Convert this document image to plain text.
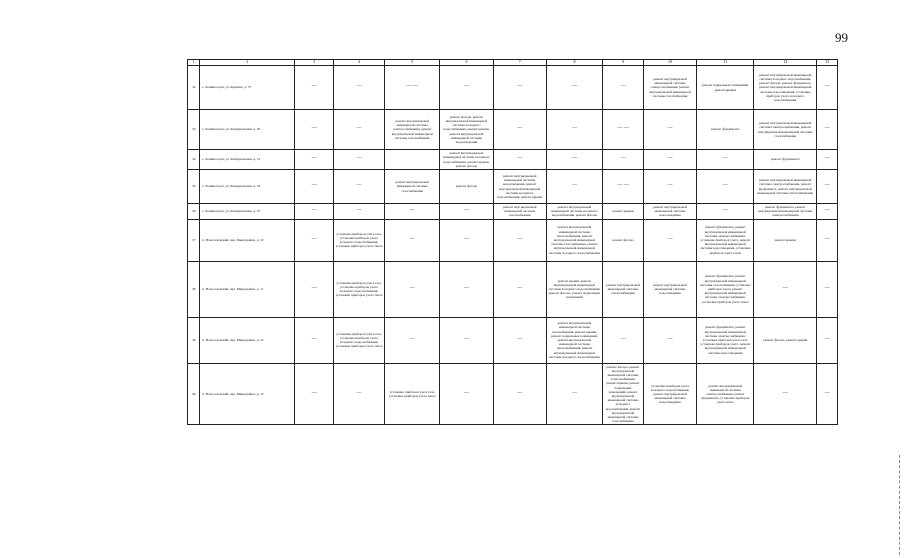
99
1	2	3	4	5	6	7	8	9	10	11	12	13
32	г. Лениногорск, ул. Баумана, д. 73	—	—	— —	—	—	—	—	ремонт внутридомовой инженерной системы электроснабжения, ремонт внутридомовой инженерной системы газоснабжения	ремонт подвальных помещений, ремонт крыши	ремонт внутридомовой инженерной системы холодного водоснабжения, ремонт фасада, ремонт фундамента, ремонт внутридомовой инженерной системы водоотведения, установка приборов учета холодного водоснабжения	—
33	г. Лениногорск, ул. Коммунальная, д. 29	—	—	ремонт внутридомовой инженерной системы электроснабжения, ремонт внутридомовой инженерной системы газоснабжения	ремонт фасада, ремонт внутридомовой инженерной системы холодного водоснабжения, ремонт крыши, ремонт внутридомовой инженерной системы водоотведения	—	—	— —	—	ремонт фундамента	ремонт внутридомовой инженерной системы электроснабжения, ремонт внутридомовой инженерной системы газоснабжения	—
34	г. Лениногорск, ул. Коммунальная, д. 31	—	—		ремонт внутридомовой инженерной системы холодного водоснабжения, ремонт крыши, ремонт фасада	—	—	—	—	—	ремонт фундамента	—
35	г. Лениногорск, ул. Коммунальная, д. 33	—	—	ремонт внутридомовой инженерной системы газоснабжения	ремонт фасада	ремонт внутридомовой инженерной системы водоотведения, ремонт внутридомовой инженерной системы холодного водоснабжения, ремонт крыши	—	— —	—	—	ремонт внутридомовой инженерной системы электроснабжения, ремонт фундамента, ремонт внутридомовой инженерной системы теплоснабжения	—
36	г. Лениногорск, ул. Коммунальная, д. 35	—	—	—	—	ремонт внутридомовой инженерной системы газоснабжения	ремонт внутридомовой инженерной системы холодного водоснабжения, ремонт фасада	ремонт крыши	ремонт внутридомовой инженерной системы водоотведения	—	ремонт фундамента, ремонт внутридомовой инженерной системы электроснабжения	—
37	п. Новоселовский, пер. Микрорайон, д. 10	—	установка приборов учета газа, установка приборов учета холодного водоснабжения, установка приборов учета тепла	—	—	—	ремонт внутридомовой инженерной системы теплоснабжения, ремонт внутридомовой инженерной системы газоснабжения, ремонт внутридомовой инженерной системы холодного водоснабжения	ремонт фасада	—	ремонт фундамента, ремонт внутридомовой инженерной системы электроснабжения, установка приборов учета, ремонт внутридомовой инженерной системы водоотведения, установка приборов учета тепла	ремонт крыши	—
38	п. Новоселовский, пер. Микрорайон, д. 11	—	установка приборов учета газа, установка приборов учета холодного водоснабжения, установка приборов учета тепла	—	—	—	ремонт крыши, ремонт внутридомовой инженерной системы холодного водоснабжения, ремонт фасада, ремонт подвальных помещений	ремонт внутридомовой инженерной системы теплоснабжения	ремонт внутридомовой инженерной системы водоотведения	ремонт фундамента, ремонт внутридомовой инженерной системы газоснабжения, установка приборов учета, ремонт внутридомовой инженерной системы электроснабжения, установка приборов учета тепла	—	—
39	п. Новоселовский, пер. Микрорайон, д. 12	—	установка приборов учета газа, установка приборов учета холодного водоснабжения, установка приборов учета тепла	—	—	—	ремонт внутридомовой инженерной системы газоснабжения, ремонт крыши, ремонт подвальных помещений, ремонт внутридомовой инженерной системы теплоснабжения, ремонт внутридомовой инженерной системы холодного водоснабжения	—	—	ремонт фундамента, ремонт внутридомовой инженерной системы электроснабжения, установка приборов учета газа, установка приборов учета, ремонт внутридомовой инженерной системы водоотведения	ремонт фасада, ремонт крыши	—
40	п. Новоселовский, пер. Микрорайон, д. 13	—	—	установка приборов учета газа, установка приборов учета тепла	—	—	—	ремонт фасада, ремонт внутридомовой инженерной системы теплоснабжения, ремонт крыши, ремонт подвальных помещений, ремонт внутридомовой инженерной системы холодного водоснабжения, ремонт внутридомовой инженерной системы газоснабжения	установка приборов учета холодного водоснабжения, ремонт внутридомовой инженерной системы водоотведения	ремонт внутридомовой инженерной системы электроснабжения, ремонт фундамента, установка приборов учета тепла	—	—
